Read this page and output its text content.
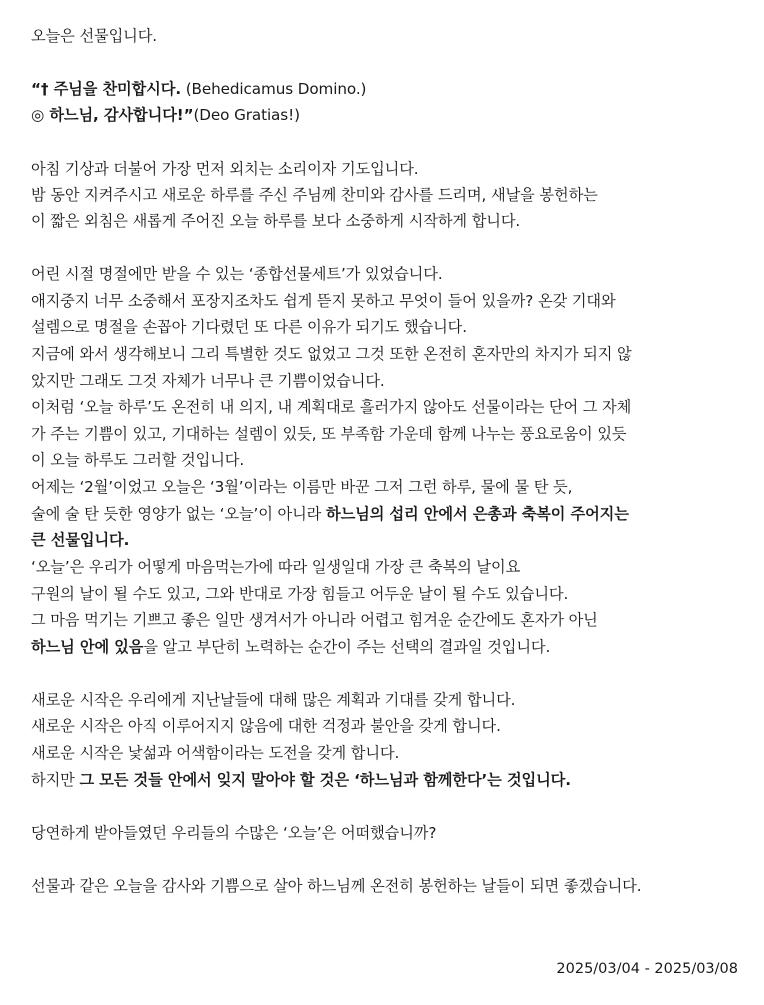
오늘은 선물입니다.
“† 주님을 찬미합시다. (Behedicamus Domino.)
◎ 하느님, 감사합니다!”(Deo Gratias!)
아침 기상과 더불어 가장 먼저 외치는 소리이자 기도입니다.
밤 동안 지켜주시고 새로운 하루를 주신 주님께 찬미와 감사를 드리며, 새날을 봉헌하는
이 짧은 외침은 새롭게 주어진 오늘 하루를 보다 소중하게 시작하게 합니다.
어린 시절 명절에만 받을 수 있는 ‘종합선물세트’가 있었습니다.
애지중지 너무 소중해서 포장지조차도 쉽게 뜯지 못하고 무엇이 들어 있을까? 온갖 기대와
설렘으로 명절을 손꼽아 기다렸던 또 다른 이유가 되기도 했습니다.
지금에 와서 생각해보니 그리 특별한 것도 없었고 그것 또한 온전히 혼자만의 차지가 되지 않
았지만 그래도 그것 자체가 너무나 큰 기쁨이었습니다.
이처럼 ‘오늘 하루’도 온전히 내 의지, 내 계획대로 흘러가지 않아도 선물이라는 단어 그 자체
가 주는 기쁨이 있고, 기대하는 설렘이 있듯, 또 부족함 가운데 함께 나누는 풍요로움이 있듯
이 오늘 하루도 그러할 것입니다.
어제는 ‘2월’이었고 오늘은 ‘3월’이라는 이름만 바꾼 그저 그런 하루, 물에 물 탄 듯,
술에 술 탄 듯한 영양가 없는 ‘오늘’이 아니라 하느님의 섭리 안에서 은총과 축복이 주어지는
큰 선물입니다.
‘오늘’은 우리가 어떻게 마음먹는가에 따라 일생일대 가장 큰 축복의 날이요
구원의 날이 될 수도 있고, 그와 반대로 가장 힘들고 어두운 날이 될 수도 있습니다.
그 마음 먹기는 기쁘고 좋은 일만 생겨서가 아니라 어렵고 힘겨운 순간에도 혼자가 아닌
하느님 안에 있음을 알고 부단히 노력하는 순간이 주는 선택의 결과일 것입니다.
새로운 시작은 우리에게 지난날들에 대해 많은 계획과 기대를 갖게 합니다.
새로운 시작은 아직 이루어지지 않음에 대한 걱정과 불안을 갖게 합니다.
새로운 시작은 낯섦과 어색함이라는 도전을 갖게 합니다.
하지만 그 모든 것들 안에서 잊지 말아야 할 것은 ‘하느님과 함께한다’는 것입니다.
당연하게 받아들였던 우리들의 수많은 ‘오늘’은 어떠했습니까?
선물과 같은 오늘을 감사와 기쁨으로 살아 하느님께 온전히 봉헌하는 날들이 되면 좋겠습니다.
2025/03/04 - 2025/03/08
